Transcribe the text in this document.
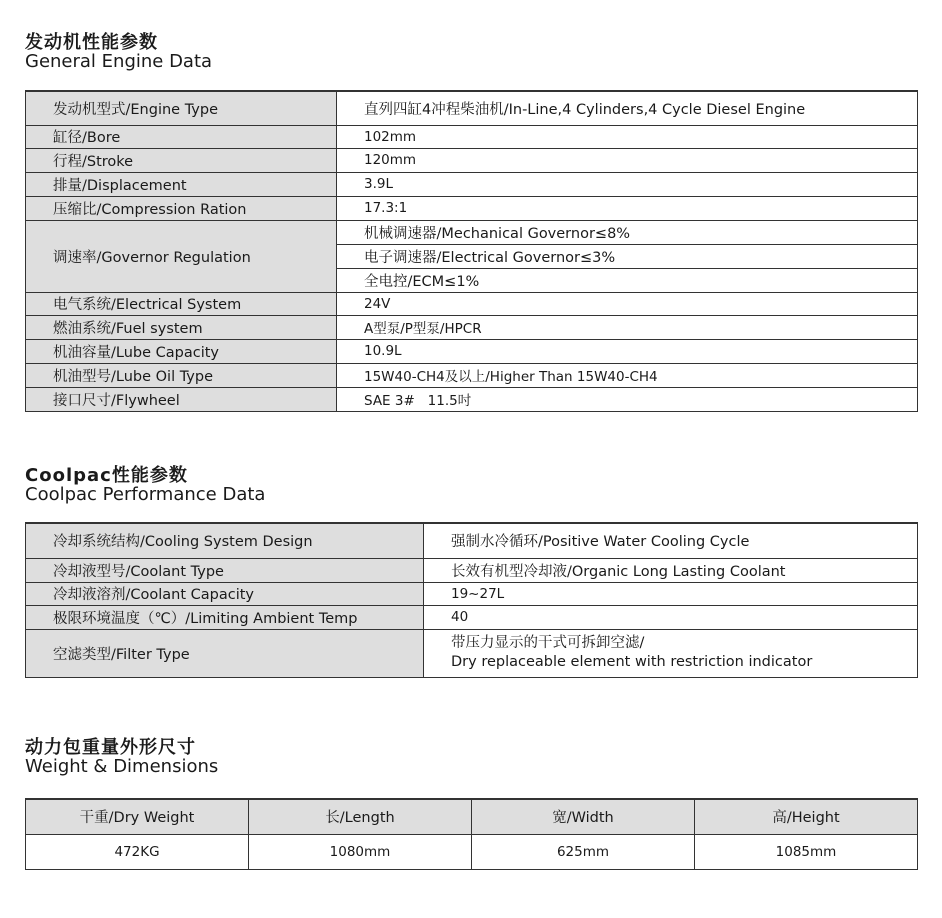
发动机性能参数
General Engine Data
发动机型式/Engine Type	直列四缸4冲程柴油机/In-Line,4 Cylinders,4 Cycle Diesel Engine
缸径/Bore	102mm
行程/Stroke	120mm
排量/Displacement	3.9L
压缩比/Compression Ration	17.3:1
调速率/Governor Regulation	机械调速器/Mechanical Governor≤8%
	电子调速器/Electrical Governor≤3%
	全电控/ECM≤1%
电气系统/Electrical System	24V
燃油系统/Fuel system	A型泵/P型泵/HPCR
机油容量/Lube Capacity	10.9L
机油型号/Lube Oil Type	15W40-CH4及以上/Higher Than 15W40-CH4
接口尺寸/Flywheel	SAE 3#   11.5吋
Coolpac性能参数
Coolpac Performance Data
冷却系统结构/Cooling System Design	强制水冷循环/Positive Water Cooling Cycle
冷却液型号/Coolant Type	长效有机型冷却液/Organic Long Lasting Coolant
冷却液溶剂/Coolant Capacity	19~27L
极限环境温度（℃）/Limiting Ambient Temp	40
空滤类型/Filter Type	带压力显示的干式可拆卸空滤/
Dry replaceable element with restriction indicator
动力包重量外形尺寸
Weight & Dimensions
干重/Dry Weight	长/Length	宽/Width	高/Height
472KG	1080mm	625mm	1085mm
